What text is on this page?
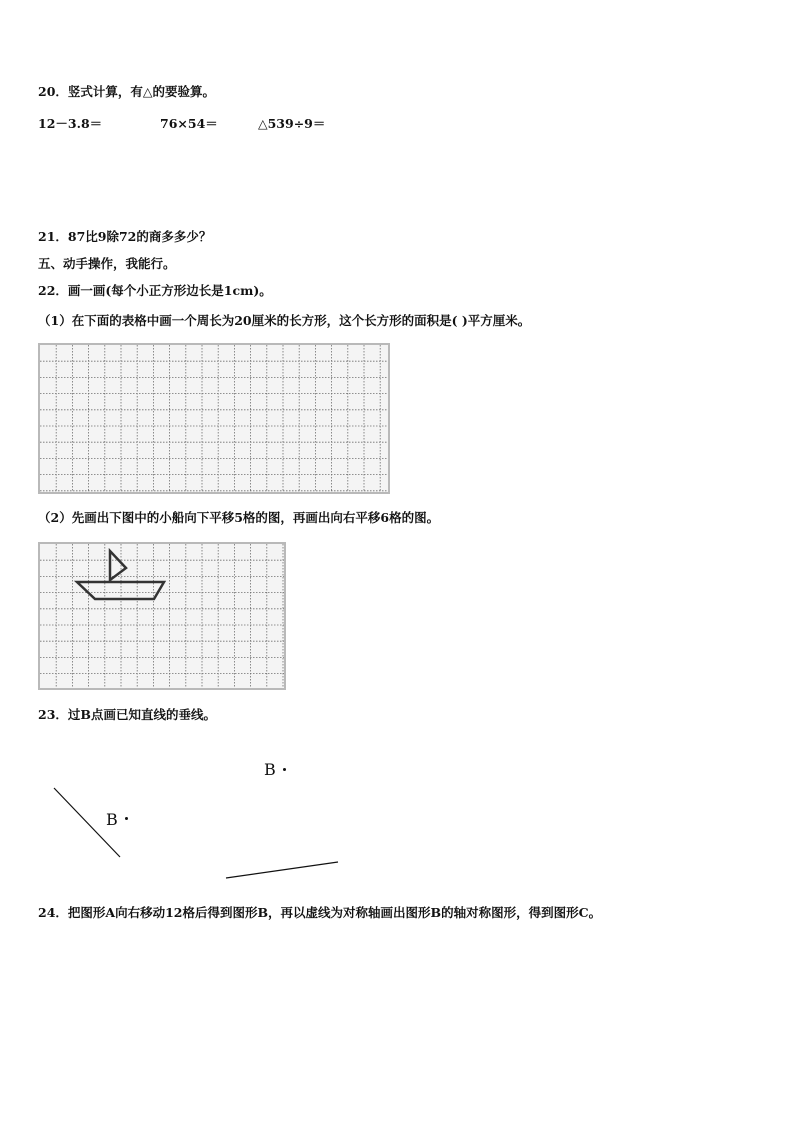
20．竖式计算，有△的要验算。
12－3.8＝	76×54＝	△539÷9＝
21．87比9除72的商多多少？
五、动手操作，我能行。
22．画一画(每个小正方形边长是1cm)。
（1）在下面的表格中画一个周长为20厘米的长方形，这个长方形的面积是( )平方厘米。
（2）先画出下图中的小船向下平移5格的图，再画出向右平移6格的图。
23．过B点画已知直线的垂线。
B
B
24．把图形A向右移动12格后得到图形B，再以虚线为对称轴画出图形B的轴对称图形，得到图形C。
